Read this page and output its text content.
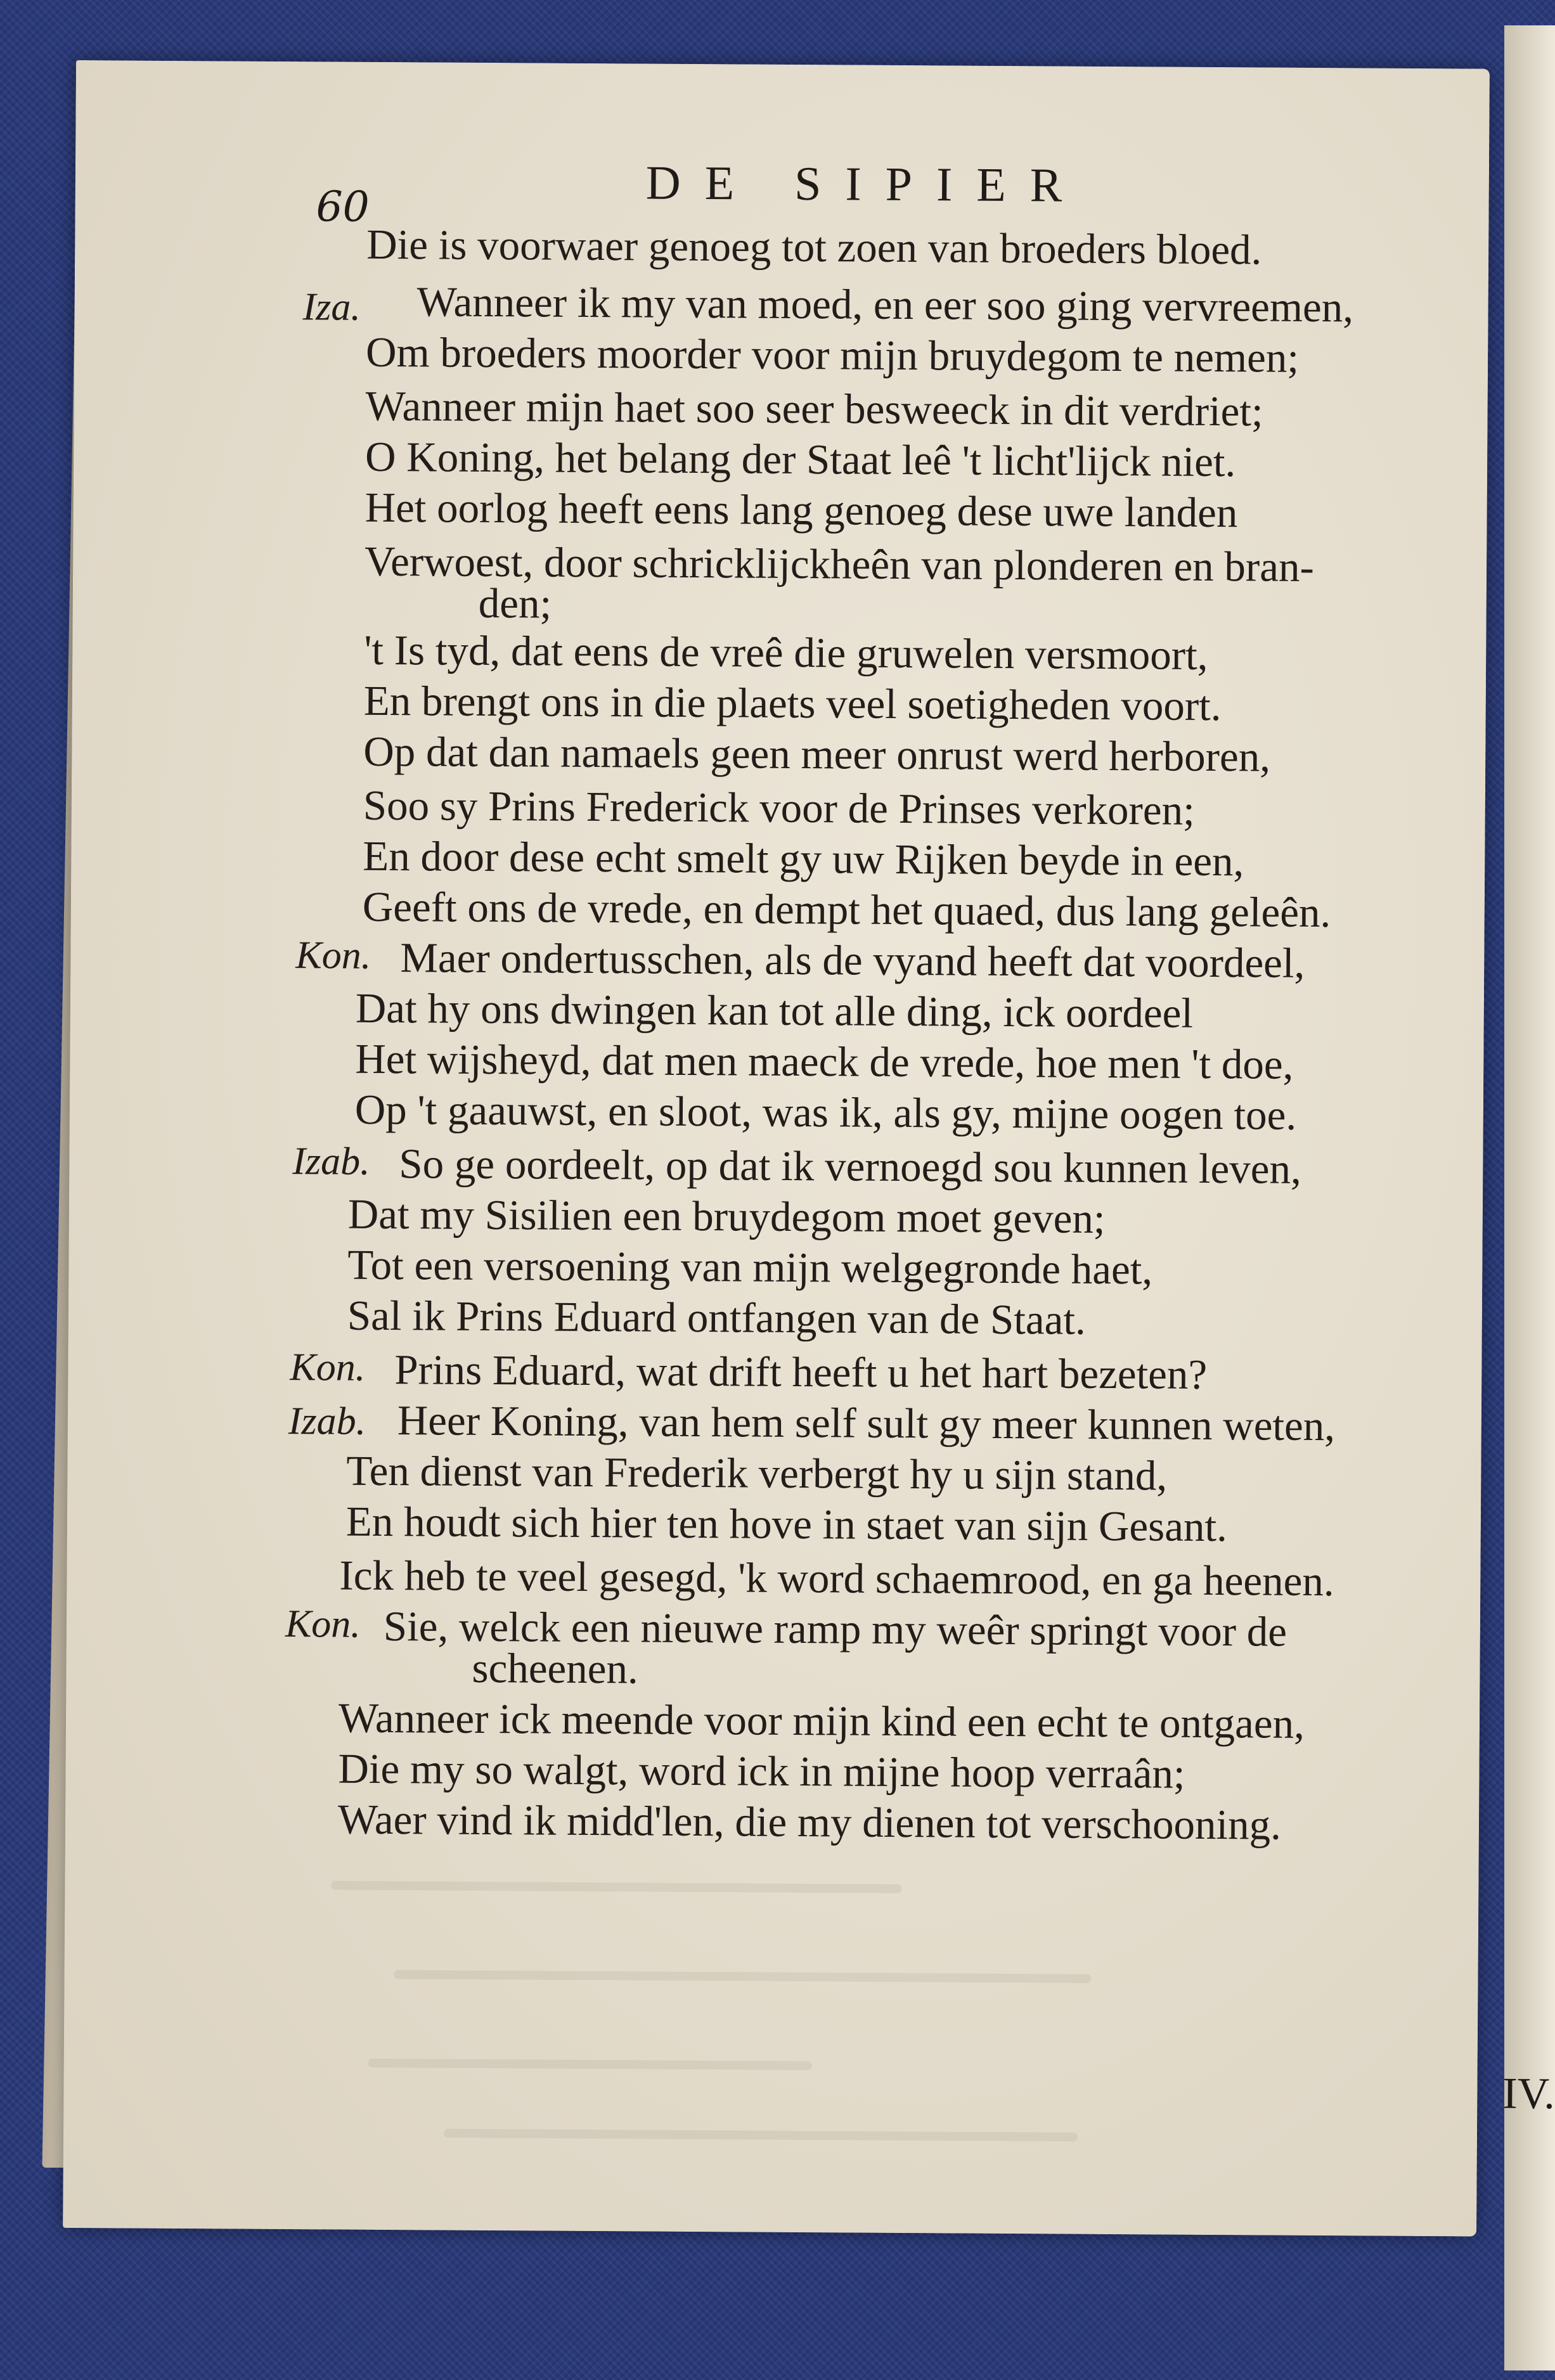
60	DE SIPIER
Iza.
Kon.
Izab.
Kon.
Izab.
Kon.
Die is voorwaer genoeg tot zoen van broeders bloed.
Wanneer ik my van moed, en eer soo ging vervreemen,
Om broeders moorder voor mijn bruydegom te nemen;
Wanneer mijn haet soo seer besweeck in dit verdriet;
O Koning, het belang der Staat leê 't licht'lijck niet.
Het oorlog heeft eens lang genoeg dese uwe landen
Verwoest, door schricklijckheên van plonderen en bran-
den;
't Is tyd, dat eens de vreê die gruwelen versmoort,
En brengt ons in die plaets veel soetigheden voort.
Op dat dan namaels geen meer onrust werd herboren,
Soo sy Prins Frederick voor de Prinses verkoren;
En door dese echt smelt gy uw Rijken beyde in een,
Geeft ons de vrede, en dempt het quaed, dus lang geleên.
Maer ondertusschen, als de vyand heeft dat voordeel,
Dat hy ons dwingen kan tot alle ding, ick oordeel
Het wijsheyd, dat men maeck de vrede, hoe men 't doe,
Op 't gaauwst, en sloot, was ik, als gy, mijne oogen toe.
So ge oordeelt, op dat ik vernoegd sou kunnen leven,
Dat my Sisilien een bruydegom moet geven;
Tot een versoening van mijn welgegronde haet,
Sal ik Prins Eduard ontfangen van de Staat.
Prins Eduard, wat drift heeft u het hart bezeten?
Heer Koning, van hem self sult gy meer kunnen weten,
Ten dienst van Frederik verbergt hy u sijn stand,
En houdt sich hier ten hove in staet van sijn Gesant.
Ick heb te veel gesegd, 'k word schaemrood, en ga heenen.
Sie, welck een nieuwe ramp my weêr springt voor de
scheenen.
Wanneer ick meende voor mijn kind een echt te ontgaen,
Die my so walgt, word ick in mijne hoop verraân;
Waer vind ik midd'len, die my dienen tot verschooning.
IV.
